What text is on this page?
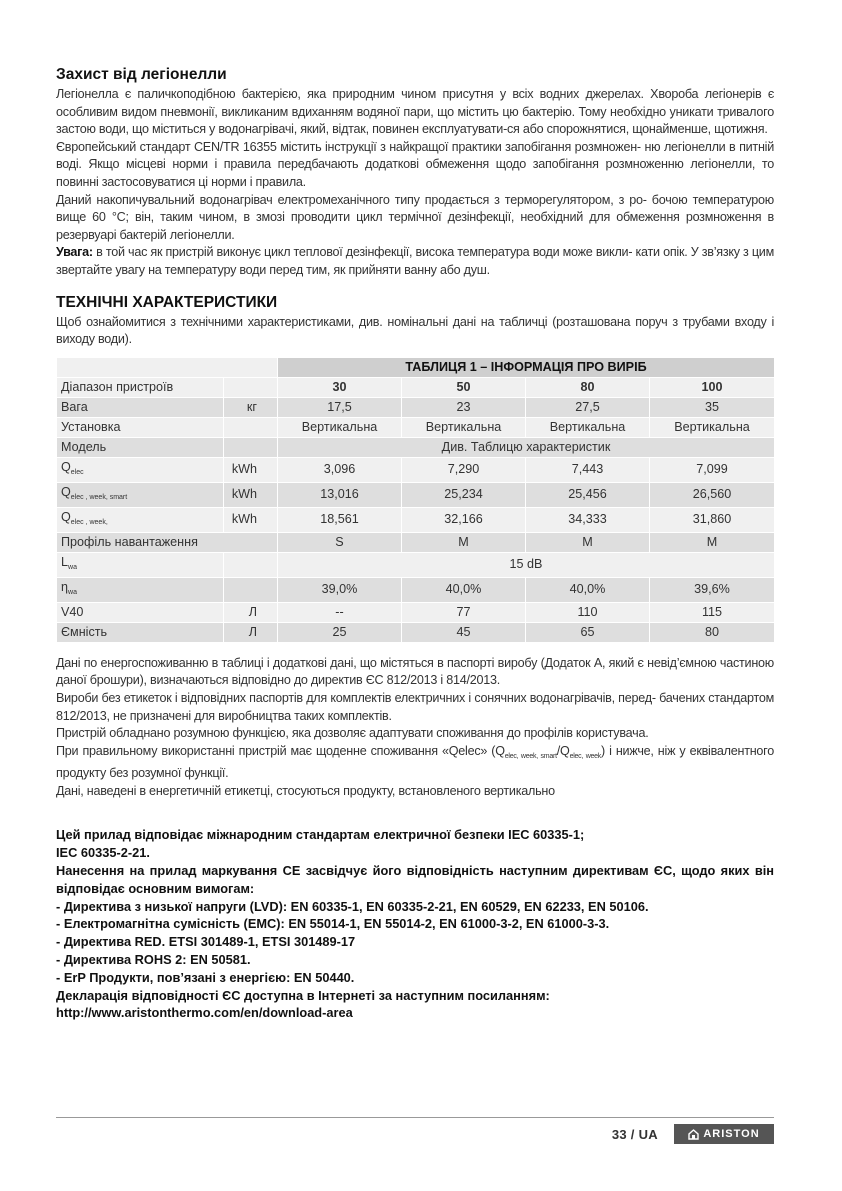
Захист від легіонелли

Легіонелла є паличкоподібною бактерією, яка природним чином присутня у всіх водних джерелах. Хвороба легіонерів є особливим видом пневмонії, викликаним вдиханням водяної пари, що містить цю бактерію. Тому необхідно уникати тривалого застою води, що міститься у водонагрівачі, який, відтак, повинен експлуатувати-ся або спорожнятися, щонайменше, щотижня.

Європейський стандарт CEN/TR 16355 містить інструкції з найкращої практики запобігання розмножен- ню легіонелли в питній воді. Якщо місцеві норми і правила передбачають додаткові обмеження щодо запобігання розмноженню легіонелли, то повинні застосовуватися ці норми і правила.

Даний накопичувальний водонагрівач електромеханічного типу продається з терморегулятором, з ро- бочою температурою вище 60 °C; він, таким чином, в змозі проводити цикл термічної дезінфекції, необхідний для обмеження розмноження в резервуарі бактерій легіонелли.

Увага: в той час як пристрій виконує цикл теплової дезінфекції, висока температура води може викли- кати опік. У зв’язку з цим звертайте увагу на температуру води перед тим, як прийняти ванну або душ.

ТЕХНІЧНІ ХАРАКТЕРИСТИКИ

Щоб ознайомитися з технічними характеристиками, див. номінальні дані на табличці (розташована поруч з трубами входу і виходу води).

		ТАБЛИЦЯ 1 – ІНФОРМАЦІЯ ПРО ВИРІБ			
Діапазон пристроїв		30	50	80	100
Вага	кг	17,5	23	27,5	35
Установка		Вертикальна	Вертикальна	Вертикальна	Вертикальна
Модель		Див. Таблицю характеристик			
$Q_{elec}$	kWh	3,096	7,290	7,443	7,099
$Q_{elec , week, smart}$	kWh	13,016	25,234	25,456	26,560
$Q_{elec , week,}$	kWh	18,561	32,166	34,333	31,860
Профіль навантаження		S	M	M	M
$L_{wa}$		15 dB			
$\eta_{wa}$		39,0%	40,0%	40,0%	39,6%
V40	Л	--	77	110	115
Ємність	Л	25	45	65	80

Дані по енергоспоживанню в таблиці і додаткові дані, що містяться в паспорті виробу (Додаток A, який є невід’ємною частиною даної брошури), визначаються відповідно до директив ЄС 812/2013 і 814/2013.

Вироби без етикеток і відповідних паспортів для комплектів електричних і сонячних водонагрівачів, перед- бачених стандартом 812/2013, не призначені для виробництва таких комплектів.

Пристрій обладнано розумною функцією, яка дозволяє адаптувати споживання до профілів користувача.

При правильному використанні пристрій має щоденне споживання «Qelec» $(Q_{elec, week, smart}/Q_{elec, week})$ і нижче, ніж у еквівалентного продукту без розумної функції.

Дані, наведені в енергетичній етикетці, стосуються продукту, встановленого вертикально

Цей прилад відповідає міжнародним стандартам електричної безпеки IEC 60335-1;
IEC 60335-2-21.
Нанесення на прилад маркування CE засвідчує його відповідність наступним директивам ЄС, щодо яких він відповідає основним вимогам:
- Директива з низької напруги (LVD): EN 60335-1, EN 60335-2-21, EN 60529, EN 62233, EN 50106.
- Електромагнітна сумісність (EMC): EN 55014-1, EN 55014-2, EN 61000-3-2, EN 61000-3-3.
- Директива RED. ETSI 301489-1, ETSI 301489-17
- Директива ROHS 2: EN 50581.
- ErP Продукти, пов’язані з енергією: EN 50440.
Декларація відповідності ЄС доступна в Інтернеті за наступним посиланням:
http://www.aristonthermo.com/en/download-area
33 / UA	ARISTON
